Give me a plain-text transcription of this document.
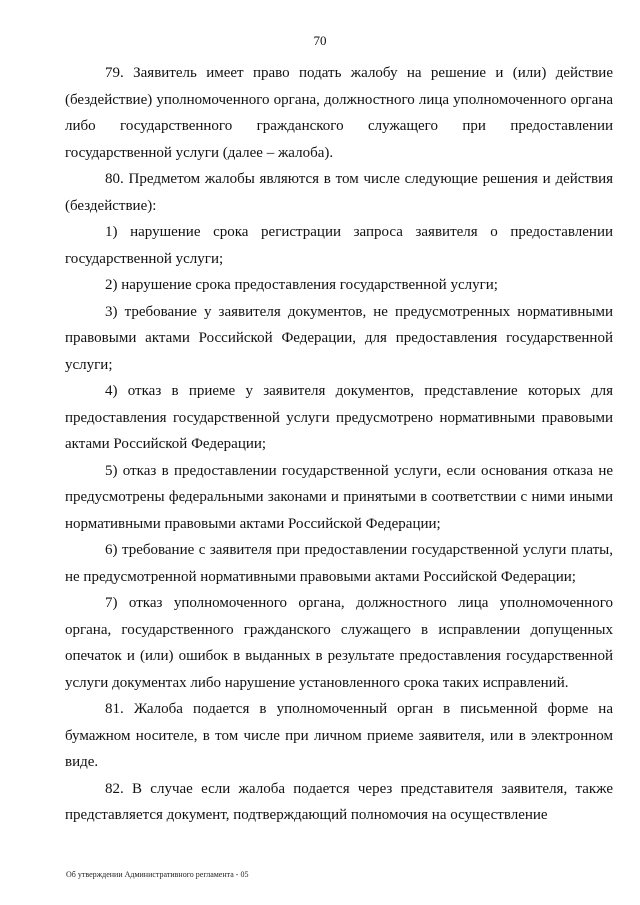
70

79. Заявитель имеет право подать жалобу на решение и (или) действие (бездействие) уполномоченного органа, должностного лица уполномоченного органа либо государственного гражданского служащего при предоставлении государственной услуги (далее – жалоба).

80. Предметом жалобы являются в том числе следующие решения и действия (бездействие):

1) нарушение срока регистрации запроса заявителя о предоставлении государственной услуги;

2) нарушение срока предоставления государственной услуги;

3) требование у заявителя документов, не предусмотренных нормативными правовыми актами Российской Федерации, для предоставления государственной услуги;

4) отказ в приеме у заявителя документов, представление которых для предоставления государственной услуги предусмотрено нормативными правовыми актами Российской Федерации;

5) отказ в предоставлении государственной услуги, если основания отказа не предусмотрены федеральными законами и принятыми в соответствии с ними иными нормативными правовыми актами Российской Федерации;

6) требование с заявителя при предоставлении государственной услуги платы, не предусмотренной нормативными правовыми актами Российской Федерации;

7) отказ уполномоченного органа, должностного лица уполномоченного органа, государственного гражданского служащего в исправлении допущенных опечаток и (или) ошибок в выданных в результате предоставления государственной услуги документах либо нарушение установленного срока таких исправлений.

81. Жалоба подается в уполномоченный орган в письменной форме на бумажном носителе, в том числе при личном приеме заявителя, или в электронном виде.

82. В случае если жалоба подается через представителя заявителя, также представляется документ, подтверждающий полномочия на осуществление

Об утверждении Административного регламента - 05
